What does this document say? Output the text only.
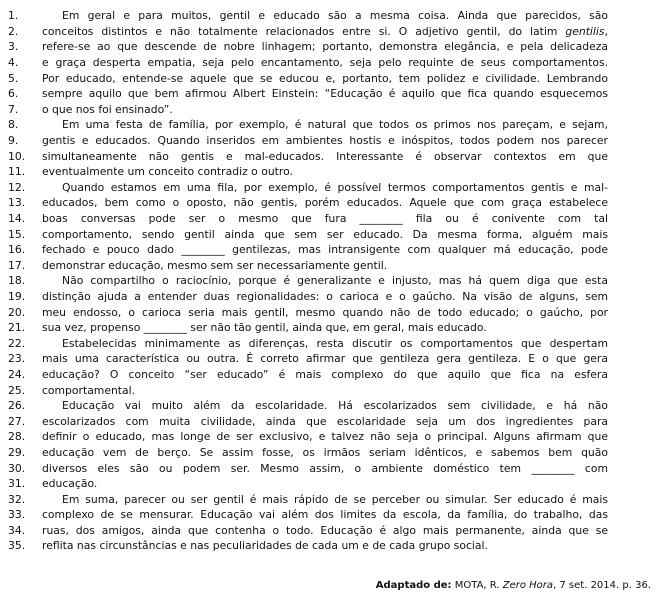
1.	Em geral e para muitos, gentil e educado são a mesma coisa. Ainda que parecidos, são
2.	conceitos distintos e não totalmente relacionados entre si. O adjetivo gentil, do latim gentilis,
3.	refere-se ao que descende de nobre linhagem; portanto, demonstra elegância, e pela delicadeza
4.	e graça desperta empatia, seja pelo encantamento, seja pelo requinte de seus comportamentos.
5.	Por educado, entende-se aquele que se educou e, portanto, tem polidez e civilidade. Lembrando
6.	sempre aquilo que bem afirmou Albert Einstein: “Educação é aquilo que fica quando esquecemos
7.	o que nos foi ensinado”.
8.	Em uma festa de família, por exemplo, é natural que todos os primos nos pareçam, e sejam,
9.	gentis e educados. Quando inseridos em ambientes hostis e inóspitos, todos podem nos parecer
10.	simultaneamente não gentis e mal-educados. Interessante é observar contextos em que
11.	eventualmente um conceito contradiz o outro.
12.	Quando estamos em uma fila, por exemplo, é possível termos comportamentos gentis e mal-
13.	educados, bem como o oposto, não gentis, porém educados. Aquele que com graça estabelece
14.	boas conversas pode ser o mesmo que fura ________ fila ou é conivente com tal
15.	comportamento, sendo gentil ainda que sem ser educado. Da mesma forma, alguém mais
16.	fechado e pouco dado ________ gentilezas, mas intransigente com qualquer má educação, pode
17.	demonstrar educação, mesmo sem ser necessariamente gentil.
18.	Não compartilho o raciocínio, porque é generalizante e injusto, mas há quem diga que esta
19.	distinção ajuda a entender duas regionalidades: o carioca e o gaúcho. Na visão de alguns, sem
20.	meu endosso, o carioca seria mais gentil, mesmo quando não de todo educado; o gaúcho, por
21.	sua vez, propenso ________ ser não tão gentil, ainda que, em geral, mais educado.
22.	Estabelecidas minimamente as diferenças, resta discutir os comportamentos que despertam
23.	mais uma característica ou outra. É correto afirmar que gentileza gera gentileza. E o que gera
24.	educação? O conceito “ser educado” é mais complexo do que aquilo que fica na esfera
25.	comportamental.
26.	Educação vai muito além da escolaridade. Há escolarizados sem civilidade, e há não
27.	escolarizados com muita civilidade, ainda que escolaridade seja um dos ingredientes para
28.	definir o educado, mas longe de ser exclusivo, e talvez não seja o principal. Alguns afirmam que
29.	educação vem de berço. Se assim fosse, os irmãos seriam idênticos, e sabemos bem quão
30.	diversos eles são ou podem ser. Mesmo assim, o ambiente doméstico tem ________ com
31.	educação.
32.	Em suma, parecer ou ser gentil é mais rápido de se perceber ou simular. Ser educado é mais
33.	complexo de se mensurar. Educação vai além dos limites da escola, da família, do trabalho, das
34.	ruas, dos amigos, ainda que contenha o todo. Educação é algo mais permanente, ainda que se
35.	reflita nas circunstâncias e nas peculiaridades de cada um e de cada grupo social.
Adaptado de: MOTA, R. Zero Hora, 7 set. 2014. p. 36.
